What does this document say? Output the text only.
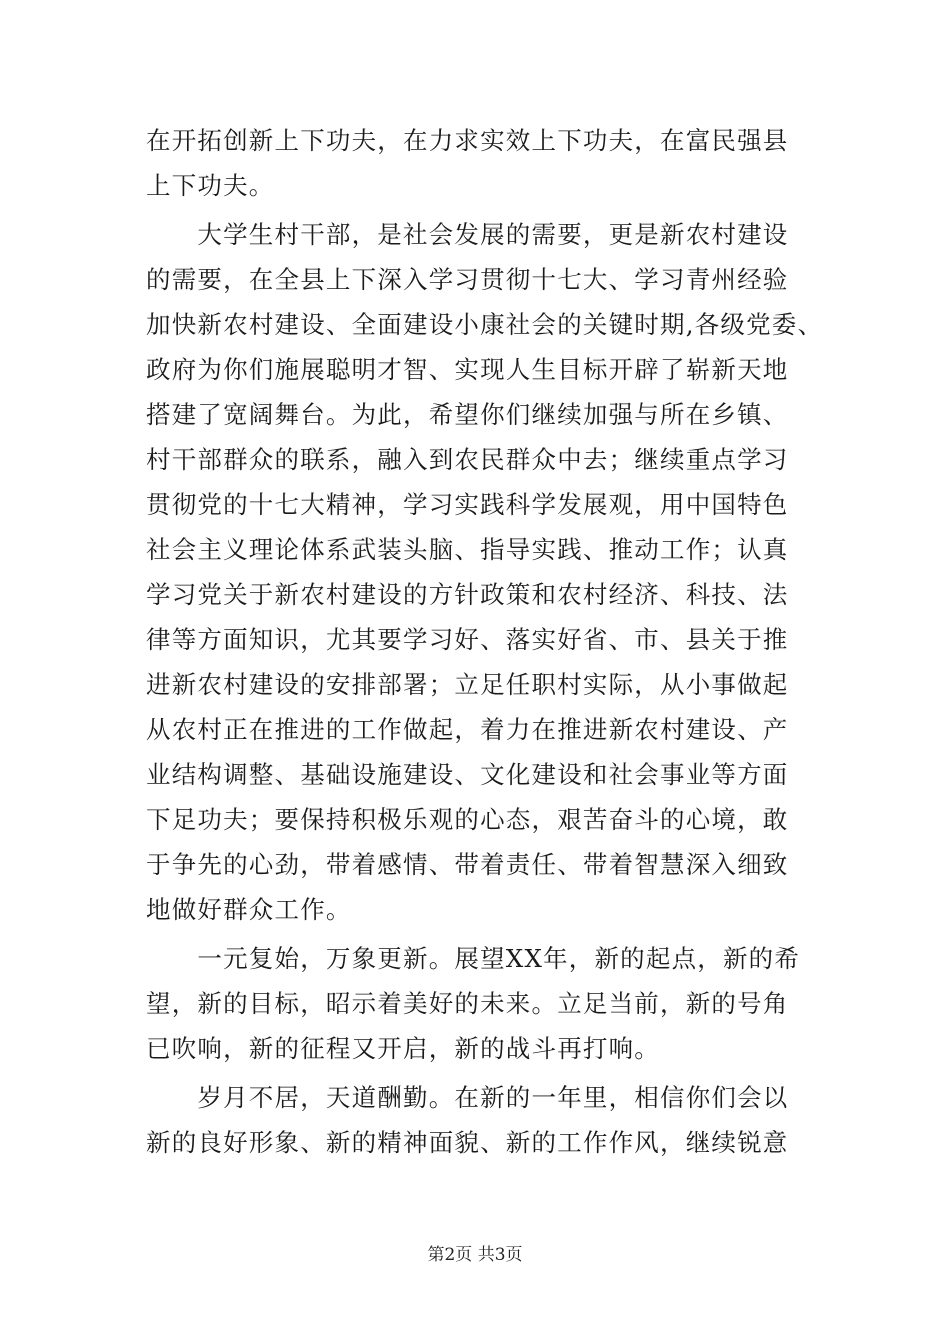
在开拓创新上下功夫，在力求实效上下功夫，在富民强县
上下功夫。
　　大学生村干部，是社会发展的需要，更是新农村建设
的需要，在全县上下深入学习贯彻十七大、学习青州经验
加快新农村建设、全面建设小康社会的关键时期,各级党委、
政府为你们施展聪明才智、实现人生目标开辟了崭新天地
搭建了宽阔舞台。为此，希望你们继续加强与所在乡镇、
村干部群众的联系，融入到农民群众中去；继续重点学习
贯彻党的十七大精神，学习实践科学发展观，用中国特色
社会主义理论体系武装头脑、指导实践、推动工作；认真
学习党关于新农村建设的方针政策和农村经济、科技、法
律等方面知识，尤其要学习好、落实好省、市、县关于推
进新农村建设的安排部署；立足任职村实际，从小事做起
从农村正在推进的工作做起，着力在推进新农村建设、产
业结构调整、基础设施建设、文化建设和社会事业等方面
下足功夫；要保持积极乐观的心态，艰苦奋斗的心境，敢
于争先的心劲，带着感情、带着责任、带着智慧深入细致
地做好群众工作。
　　一元复始，万象更新。展望XX年，新的起点，新的希
望，新的目标，昭示着美好的未来。立足当前，新的号角
已吹响，新的征程又开启，新的战斗再打响。
　　岁月不居，天道酬勤。在新的一年里，相信你们会以
新的良好形象、新的精神面貌、新的工作作风，继续锐意
第2页 共3页
